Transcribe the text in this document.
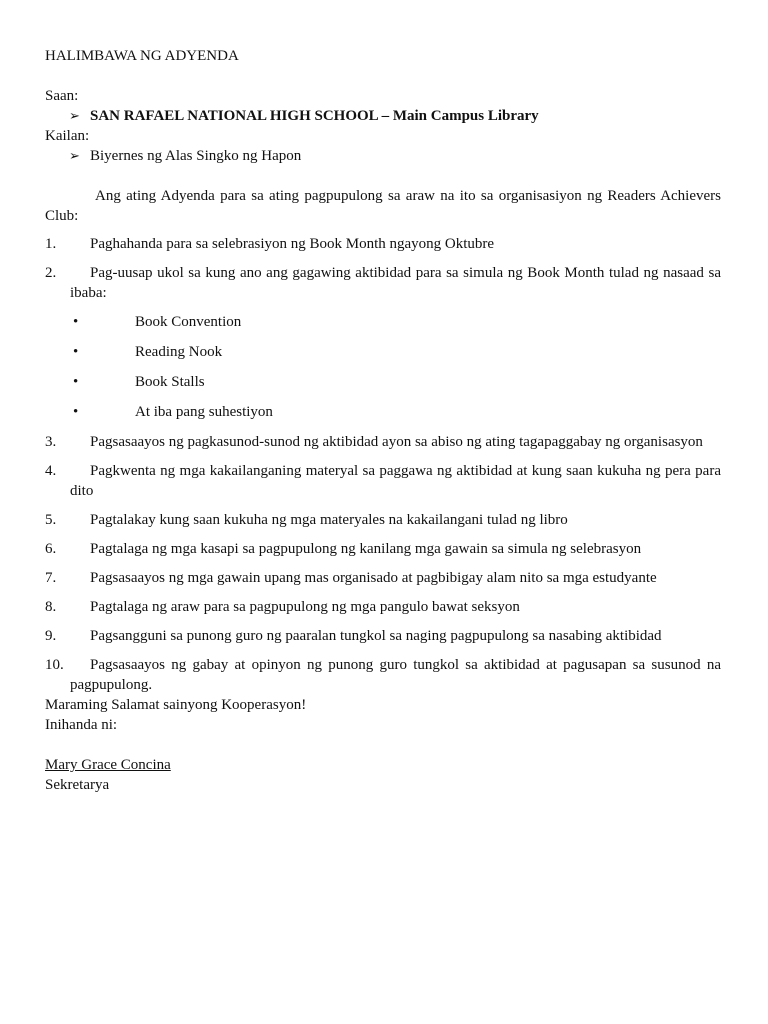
HALIMBAWA NG ADYENDA
Saan:
➢ SAN RAFAEL NATIONAL HIGH SCHOOL – Main Campus Library
Kailan:
➢ Biyernes ng Alas Singko ng Hapon
Ang ating Adyenda para sa ating pagpupulong sa araw na ito sa organisasiyon ng Readers Achievers Club:
1.	Paghahanda para sa selebrasiyon ng Book Month ngayong Oktubre
2.	Pag-uusap ukol sa kung ano ang gagawing aktibidad para sa simula ng Book Month tulad ng nasaad sa ibaba:
•	Book Convention
•	Reading Nook
•	Book Stalls
•	At iba pang suhestiyon
3.	Pagsasaayos ng pagkasunod-sunod ng aktibidad ayon sa abiso ng ating tagapaggabay ng organisasyon
4.	Pagkwenta ng mga kakailanganing materyal sa paggawa ng aktibidad at kung saan kukuha ng pera para dito
5.	Pagtalakay kung saan kukuha ng mga materyales na kakailangani tulad ng libro
6.	Pagtalaga ng mga kasapi sa pagpupulong ng kanilang mga gawain sa simula ng selebrasyon
7.	Pagsasaayos ng mga gawain upang mas organisado at pagbibigay alam nito sa mga estudyante
8.	Pagtalaga ng araw para sa pagpupulong ng mga pangulo bawat seksyon
9.	Pagsangguni sa punong guro ng paaralan tungkol sa naging pagpupulong sa nasabing aktibidad
10.	Pagsasaayos ng gabay at opinyon ng punong guro tungkol sa aktibidad at pagusapan sa susunod na pagpupulong.
Maraming Salamat sainyong Kooperasyon!
Inihanda ni:
Mary Grace Concina
Sekretarya
